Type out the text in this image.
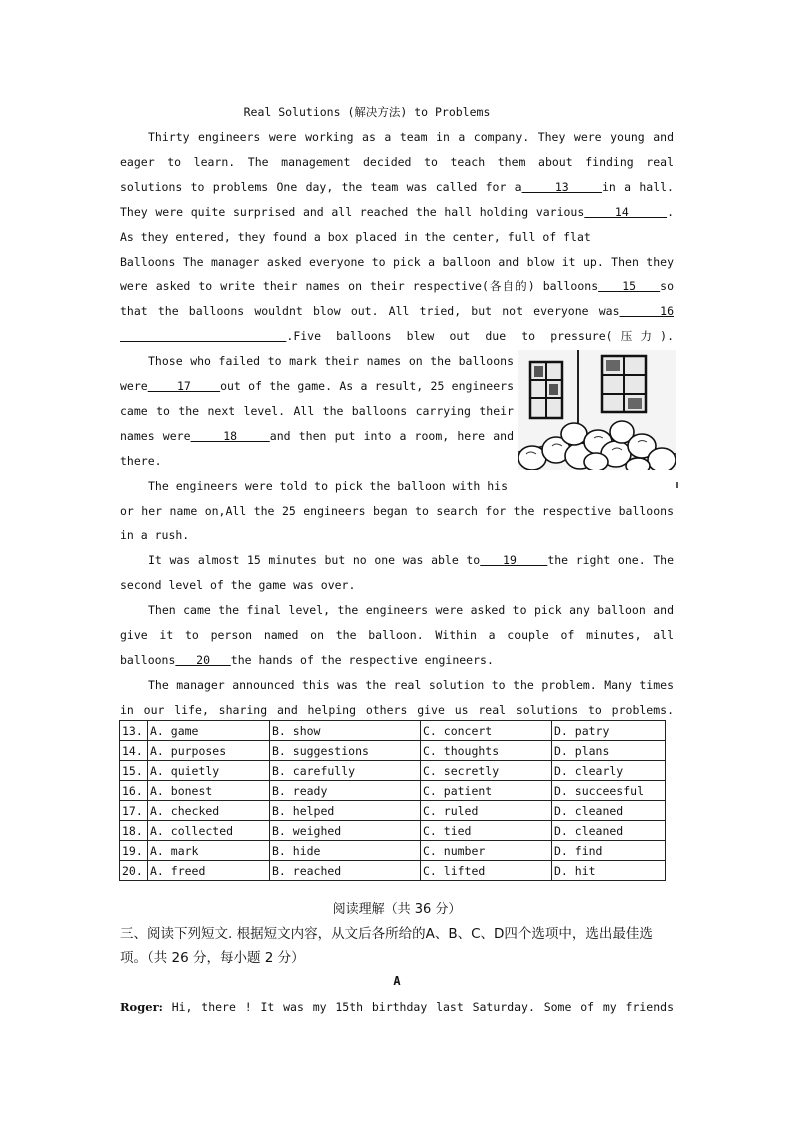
Real Solutions (解决方法) to Problems
Thirty engineers were working as a team in a company. They were young and
eager to learn. The management decided to teach them about finding real
solutions to problems One day, the team was called for a    13    in a hall.
They were quite surprised and all reached the hall holding various    14     .
As they entered, they found a box placed in the center, full of flat
Balloons The manager asked everyone to pick a balloon and blow it up. Then they
were asked to write their names on their respective(各自的) balloons   15   so
that the balloons wouldnt blow out. All tried, but not everyone was    16
.Five balloons blew out due to pressure(压力).
Those who failed to mark their names on the balloons
were    17    out of the game. As a result, 25 engineers
came to the next level. All the balloons carrying their
names were    18    and then put into a room, here and
there.
The engineers were told to pick the balloon with his
or her name on,All the 25 engineers began to search for the respective balloons
in a rush.
It was almost 15 minutes but no one was able to   19    the right one. The
second level of the game was over.
Then came the final level, the engineers were asked to pick any balloon and
give it to person named on the balloon. Within a couple of minutes, all
balloons   20   the hands of the respective engineers.
The manager announced this was the real solution to the problem. Many times
in our life, sharing and helping others give us real solutions to problems.
13.	A. game	B. show	C. concert	D. patry
14.	A. purposes	B. suggestions	C. thoughts	D. plans
15.	A. quietly	B. carefully	C. secretly	D. clearly
16.	A. bonest	B. ready	C. patient	D. succeesful
17.	A. checked	B. helped	C. ruled	D. cleaned
18.	A. collected	B. weighed	C. tied	D. cleaned
19.	A. mark	B. hide	C. number	D. find
20.	A. freed	B. reached	C. lifted	D. hit
阅读理解（共 36 分）
三、阅读下列短文. 根据短文内容，从文后各所给的A、B、C、D四个选项中，选出最佳选项。（共 26 分，每小题 2 分）
A
Roger: Hi, there ! It was my 15th birthday last Saturday. Some of my friends
